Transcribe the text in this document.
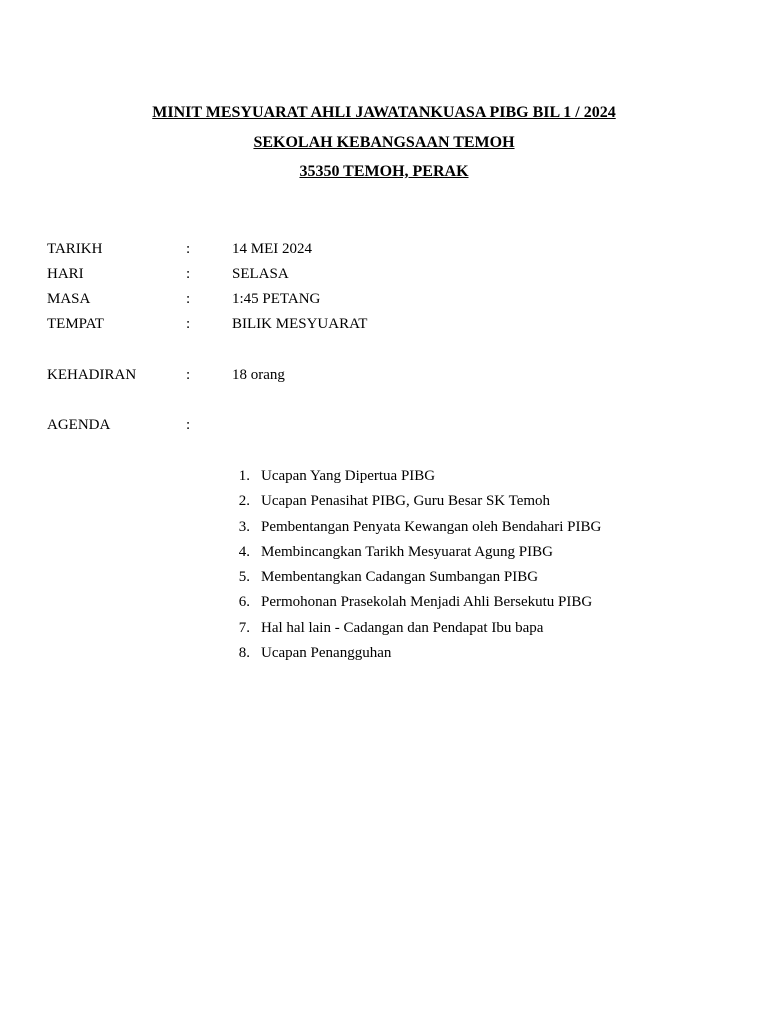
MINIT MESYUARAT AHLI JAWATANKUASA PIBG BIL 1 / 2024
SEKOLAH KEBANGSAAN TEMOH
35350 TEMOH, PERAK
TARIKH	:	14 MEI 2024
HARI	:	SELASA
MASA	:	1:45 PETANG
TEMPAT	:	BILIK MESYUARAT
KEHADIRAN	:	18 orang
AGENDA	:
1. Ucapan Yang Dipertua PIBG
2. Ucapan Penasihat PIBG, Guru Besar SK Temoh
3. Pembentangan Penyata Kewangan oleh Bendahari PIBG
4. Membincangkan Tarikh Mesyuarat Agung PIBG
5. Membentangkan Cadangan Sumbangan PIBG
6. Permohonan Prasekolah Menjadi Ahli Bersekutu PIBG
7. Hal hal lain - Cadangan dan Pendapat Ibu bapa
8. Ucapan Penangguhan
